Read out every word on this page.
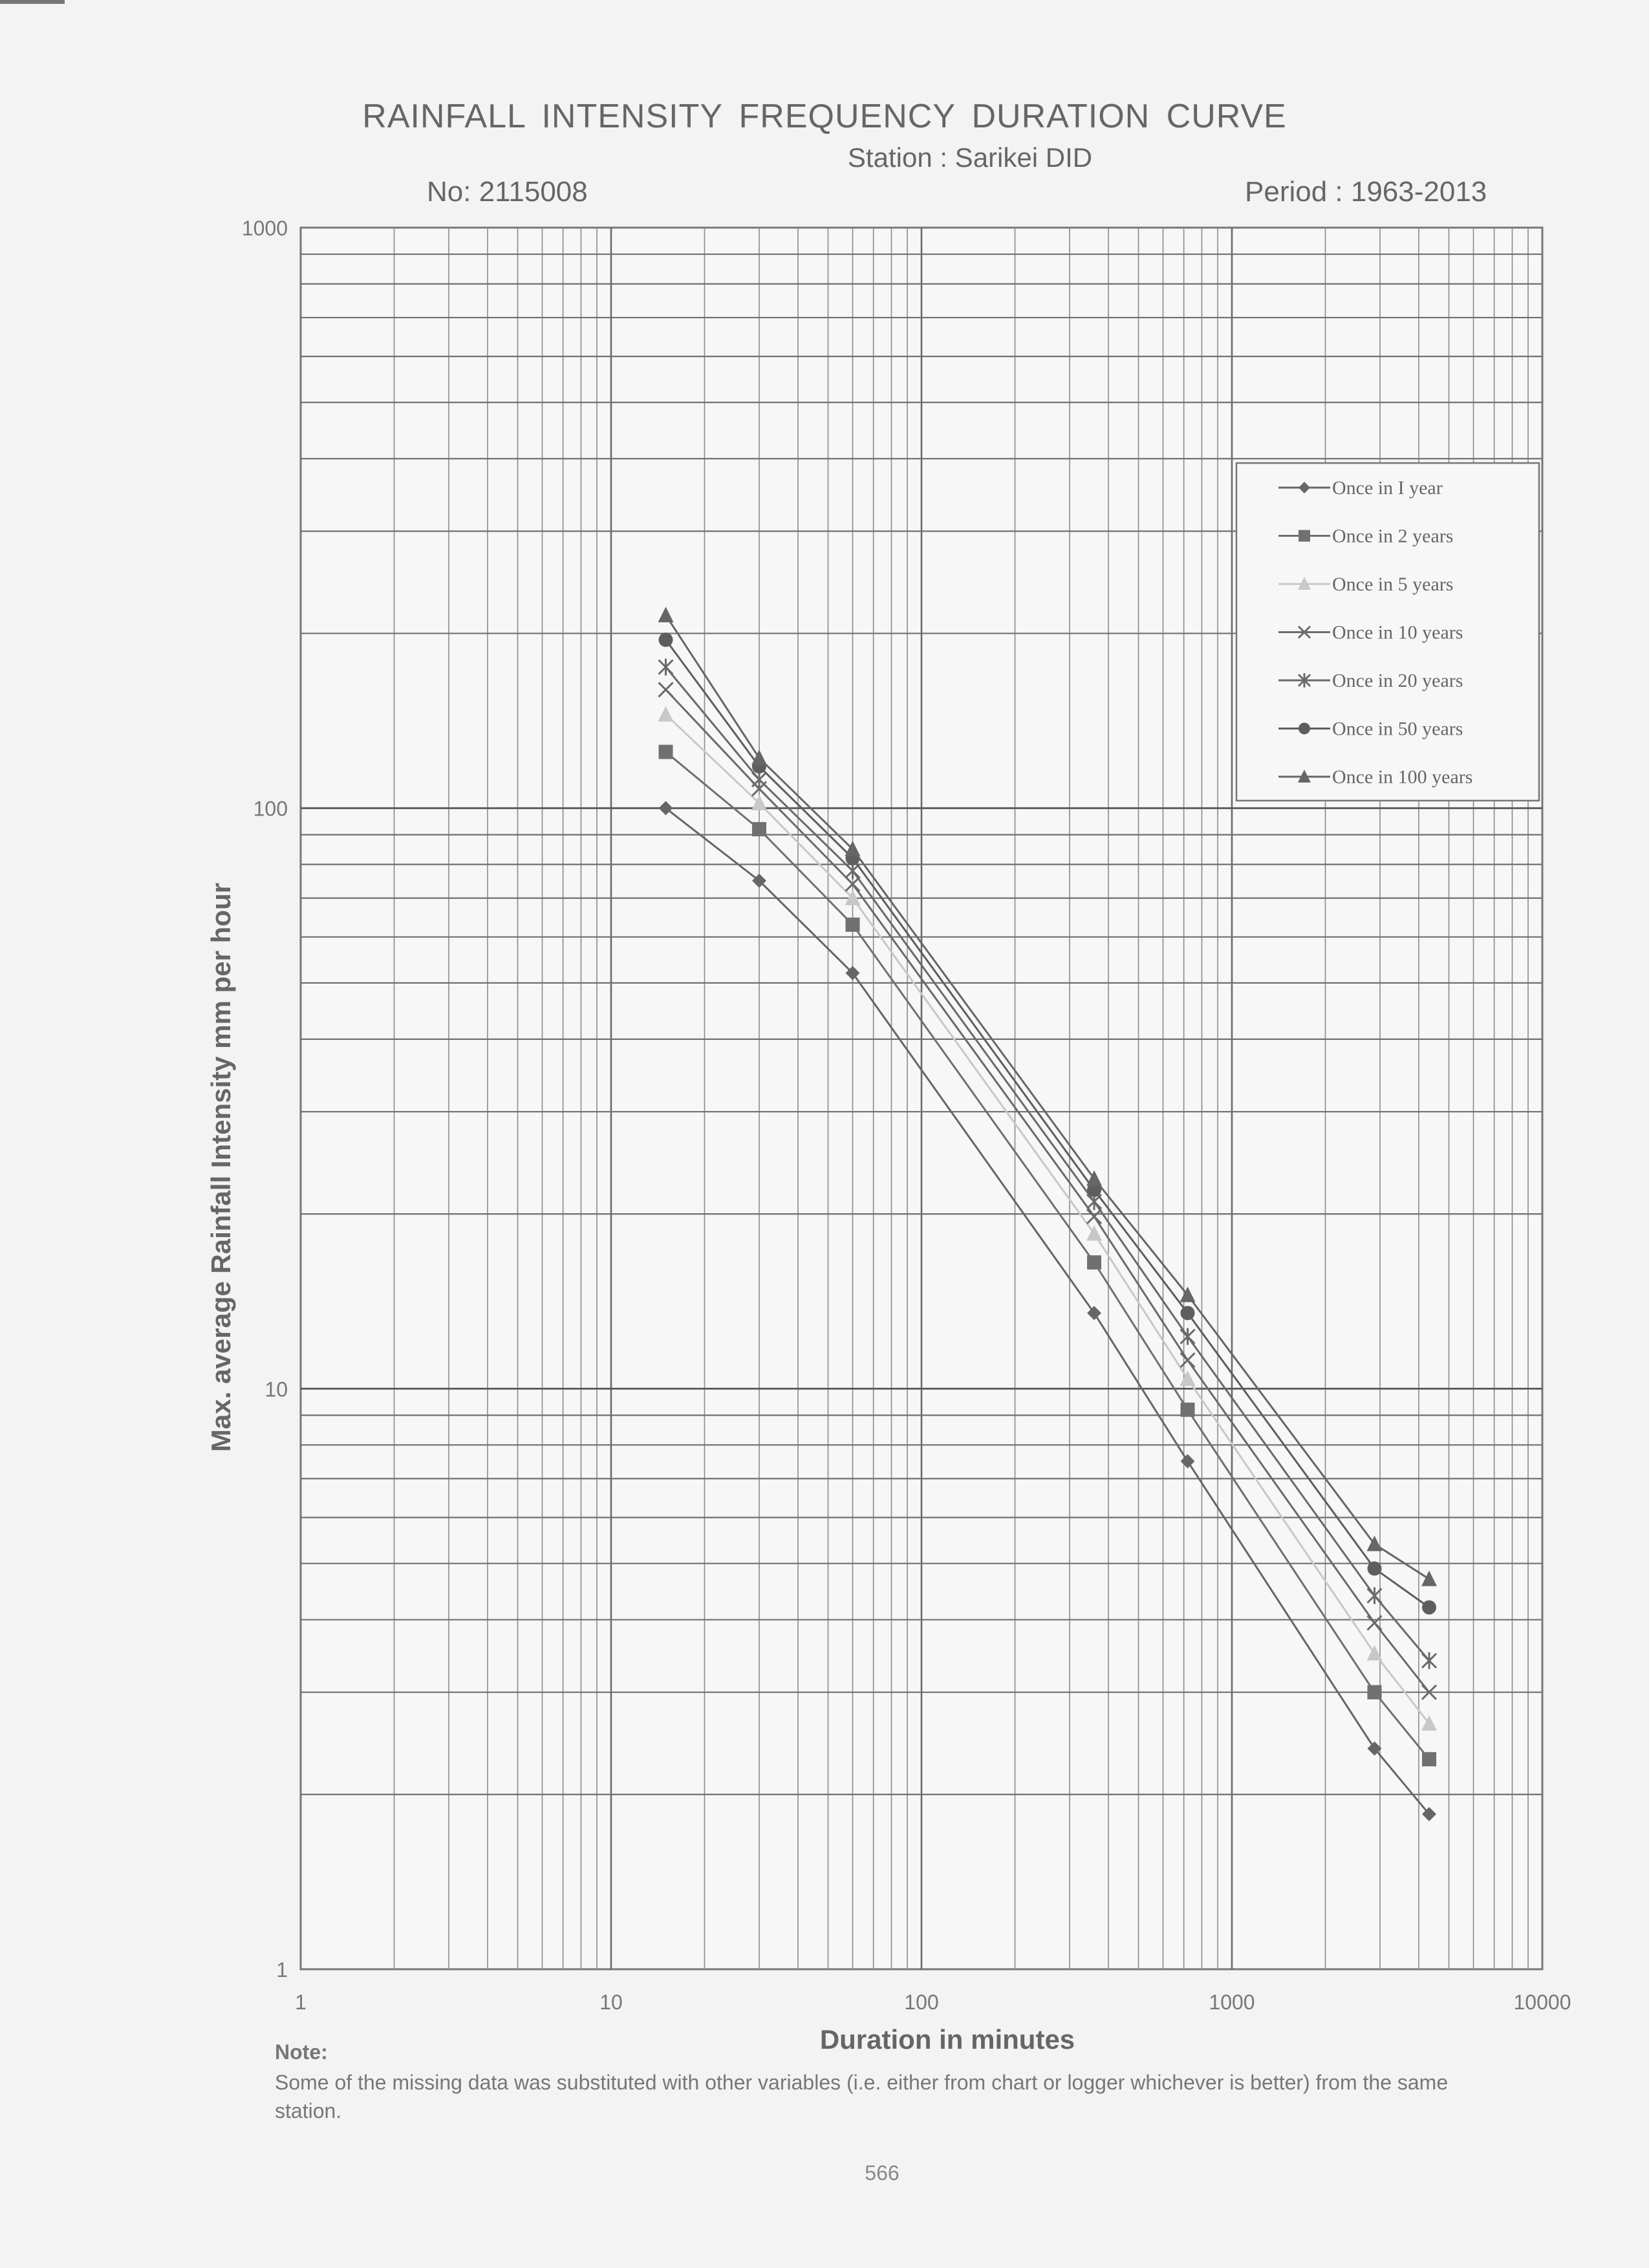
RAINFALL INTENSITY FREQUENCY DURATION CURVE
Station : Sarikei DID
No: 2115008	Period : 1963-2013
Max. average Rainfall Intensity mm per hour
1	10	100	1000	10000
1
10
100
1000
Once in I year
Once in 2 years
Once in 5 years
Once in 10 years
Once in 20 years
Once in 50 years
Once in 100 years
Duration in minutes
Note:
Some of the missing data was substituted with other variables (i.e. either from chart or logger whichever is better) from the same station.
566
